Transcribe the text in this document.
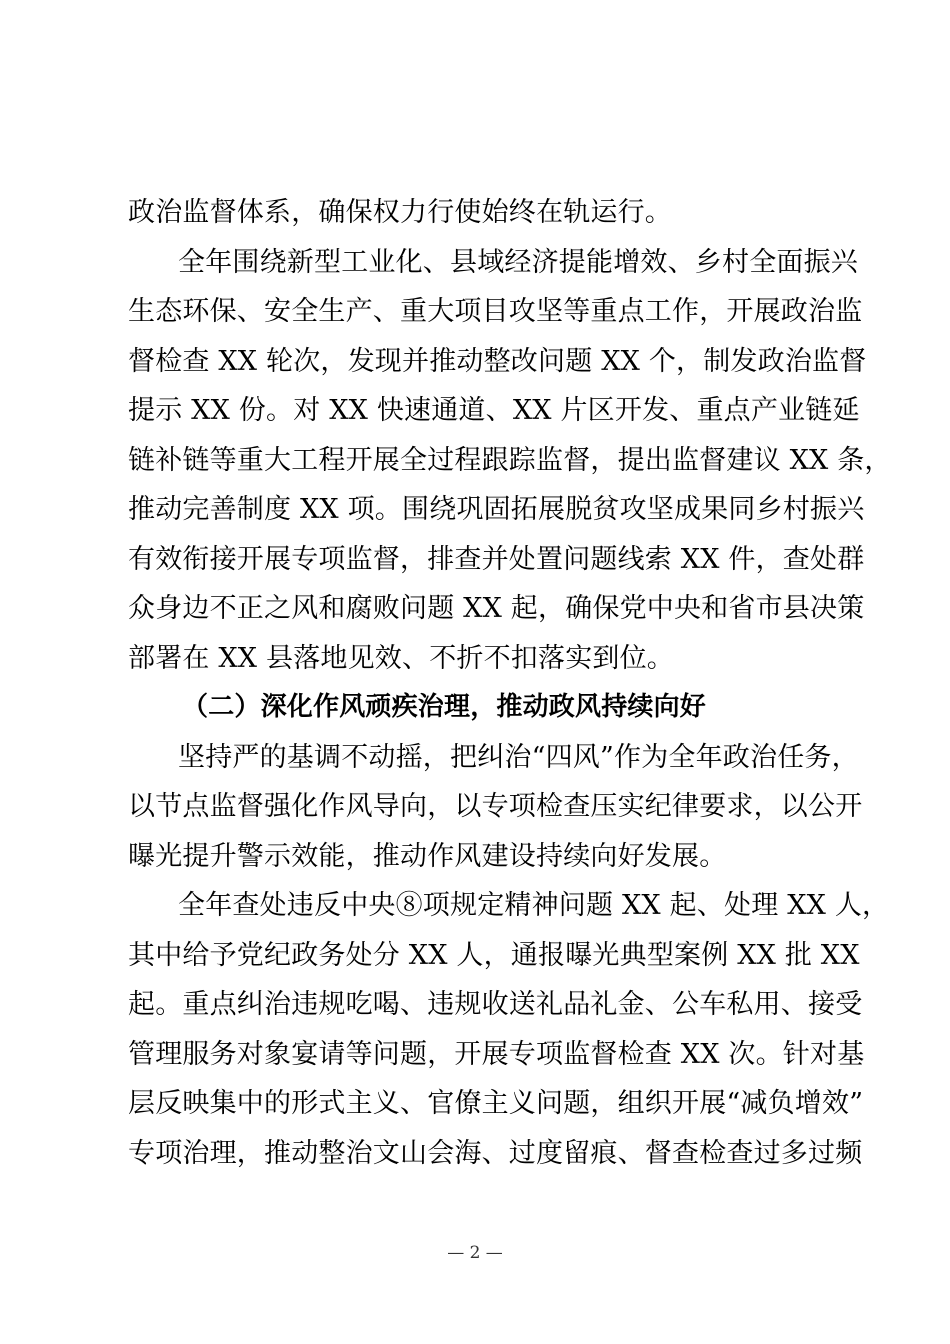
政治监督体系，确保权力行使始终在轨运行。
全年围绕新型工业化、县域经济提能增效、乡村全面振兴
生态环保、安全生产、重大项目攻坚等重点工作，开展政治监
督检查 XX 轮次，发现并推动整改问题 XX 个，制发政治监督
提示 XX 份。对 XX 快速通道、XX 片区开发、重点产业链延
链补链等重大工程开展全过程跟踪监督，提出监督建议 XX 条，
推动完善制度 XX 项。围绕巩固拓展脱贫攻坚成果同乡村振兴
有效衔接开展专项监督，排查并处置问题线索 XX 件，查处群
众身边不正之风和腐败问题 XX 起，确保党中央和省市县决策
部署在 XX 县落地见效、不折不扣落实到位。
（二）深化作风顽疾治理，推动政风持续向好
坚持严的基调不动摇，把纠治“四风”作为全年政治任务，
以节点监督强化作风导向，以专项检查压实纪律要求，以公开
曝光提升警示效能，推动作风建设持续向好发展。
全年查处违反中央⑧项规定精神问题 XX 起、处理 XX 人，
其中给予党纪政务处分 XX 人，通报曝光典型案例 XX 批 XX
起。重点纠治违规吃喝、违规收送礼品礼金、公车私用、接受
管理服务对象宴请等问题，开展专项监督检查 XX 次。针对基
层反映集中的形式主义、官僚主义问题，组织开展“减负增效”
专项治理，推动整治文山会海、过度留痕、督查检查过多过频
— 2 —
